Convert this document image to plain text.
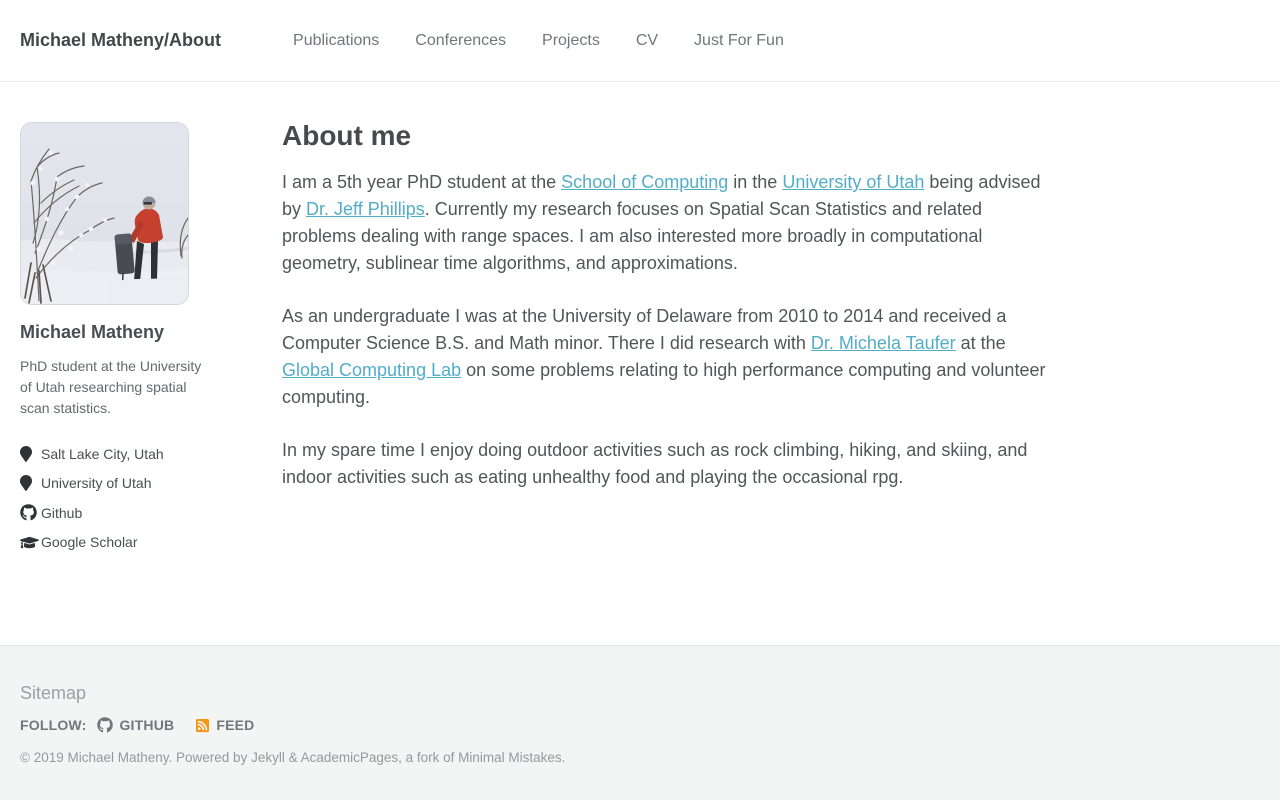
Michael Matheny/About	Publications Conferences Projects CV Just For Fun
Michael Matheny

PhD student at the University of Utah researching spatial scan statistics.

Salt Lake City, Utah
University of Utah
Github
Google Scholar
About me

I am a 5th year PhD student at the School of Computing in the University of Utah being advised by Dr. Jeff Phillips. Currently my research focuses on Spatial Scan Statistics and related problems dealing with range spaces. I am also interested more broadly in computational geometry, sublinear time algorithms, and approximations.

As an undergraduate I was at the University of Delaware from 2010 to 2014 and received a Computer Science B.S. and Math minor. There I did research with Dr. Michela Taufer at the Global Computing Lab on some problems relating to high performance computing and volunteer computing.

In my spare time I enjoy doing outdoor activities such as rock climbing, hiking, and skiing, and indoor activities such as eating unhealthy food and playing the occasional rpg.

Sitemap
FOLLOW: GITHUB	FEED
© 2019 Michael Matheny. Powered by Jekyll & AcademicPages, a fork of Minimal Mistakes.
